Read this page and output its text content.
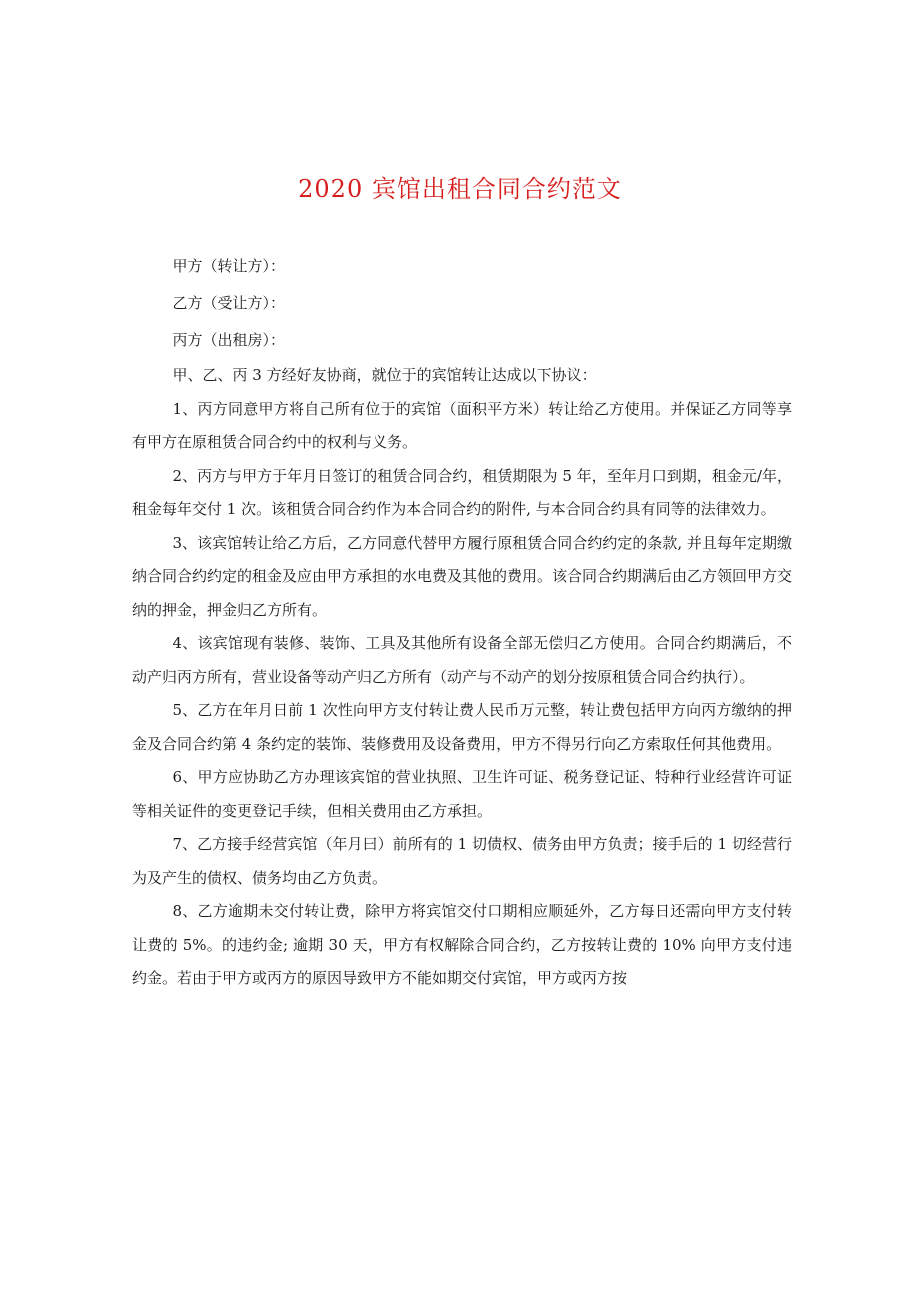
2020 宾馆出租合同合约范文

甲方（转让方）：

乙方（受让方）：

丙方（出租房）：

甲、乙、丙 3 方经好友协商，就位于的宾馆转让达成以下协议：

1、丙方同意甲方将自己所有位于的宾馆（面积平方米）转让给乙方使用。并保证乙方同等享有甲方在原租赁合同合约中的权利与义务。

2、丙方与甲方于年月日签订的租赁合同合约，租赁期限为 5 年，至年月口到期，租金元/年，租金每年交付 1 次。该租赁合同合约作为本合同合约的附件, 与本合同合约具有同等的法律效力。

3、该宾馆转让给乙方后，乙方同意代替甲方履行原租赁合同合约约定的条款, 并且每年定期缴纳合同合约约定的租金及应由甲方承担的水电费及其他的费用。该合同合约期满后由乙方领回甲方交纳的押金，押金归乙方所有。

4、该宾馆现有装修、装饰、工具及其他所有设备全部无偿归乙方使用。合同合约期满后，不动产归丙方所有，营业设备等动产归乙方所有（动产与不动产的划分按原租赁合同合约执行）。

5、乙方在年月日前 1 次性向甲方支付转让费人民币万元整，转让费包括甲方向丙方缴纳的押金及合同合约第 4 条约定的装饰、装修费用及设备费用，甲方不得另行向乙方索取任何其他费用。

6、甲方应协助乙方办理该宾馆的营业执照、卫生许可证、税务登记证、特种行业经营许可证等相关证件的变更登记手续，但相关费用由乙方承担。

7、乙方接手经营宾馆（年月曰）前所有的 1 切债权、债务由甲方负责；接手后的 1 切经营行为及产生的债权、债务均由乙方负责。

8、乙方逾期未交付转让费，除甲方将宾馆交付口期相应顺延外，乙方每日还需向甲方支付转让费的 5%。的违约金; 逾期 30 天，甲方有权解除合同合约，乙方按转让费的 10% 向甲方支付违约金。若由于甲方或丙方的原因导致甲方不能如期交付宾馆，甲方或丙方按
